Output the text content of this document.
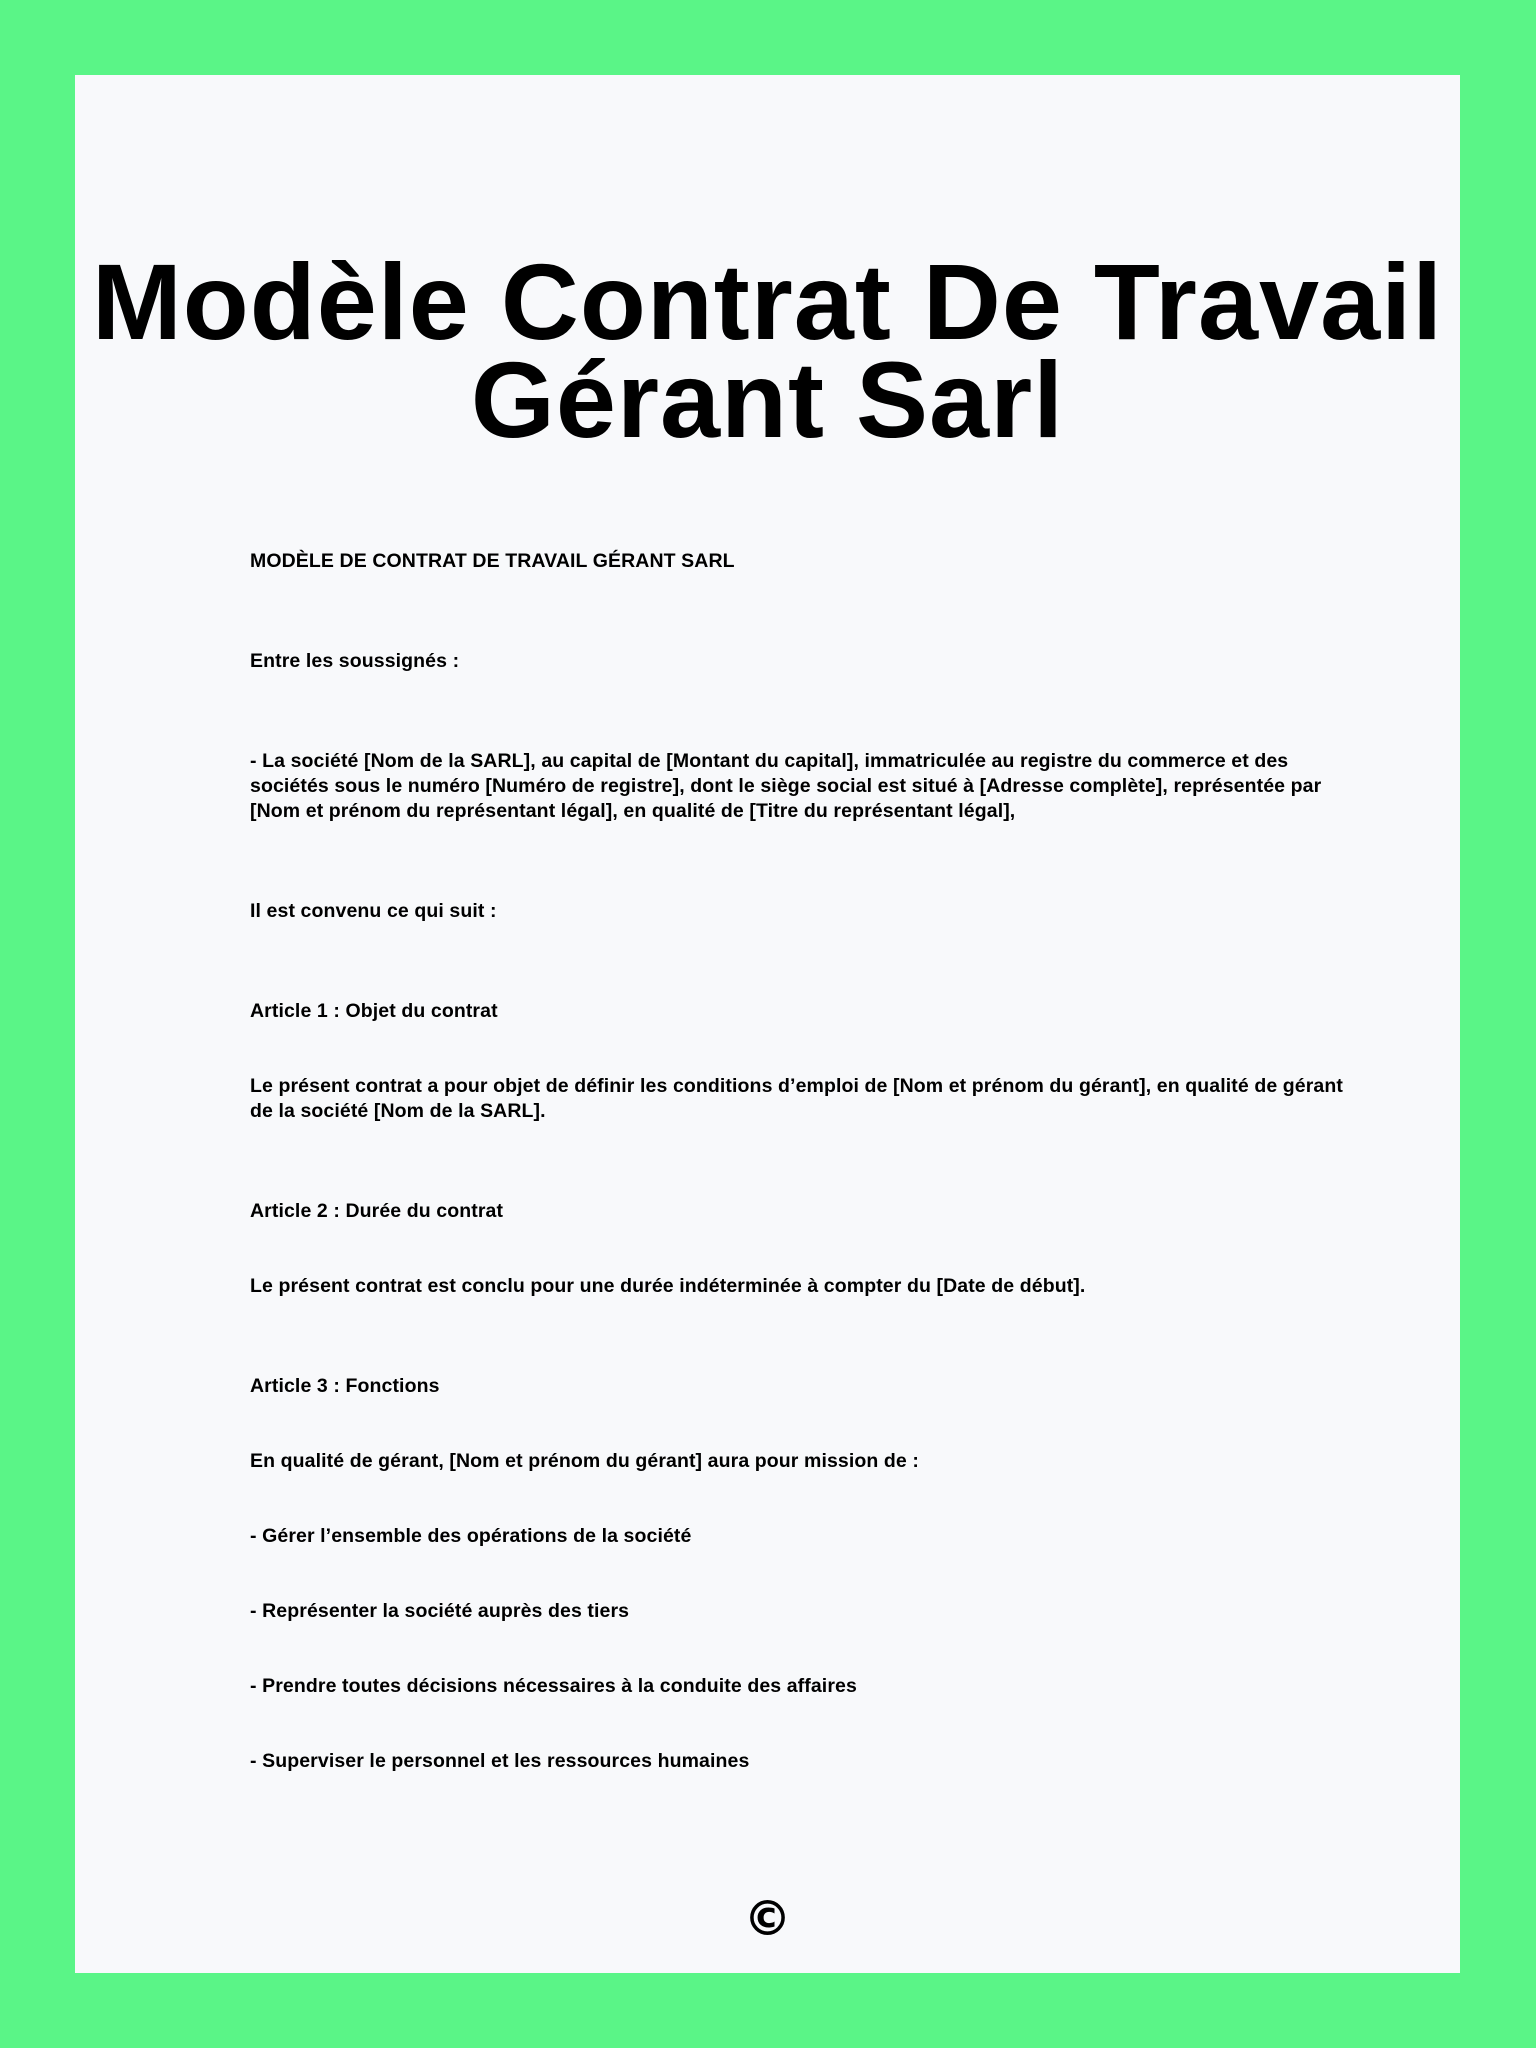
Modèle Contrat De Travail Gérant Sarl

MODÈLE DE CONTRAT DE TRAVAIL GÉRANT SARL

Entre les soussignés :

- La société [Nom de la SARL], au capital de [Montant du capital], immatriculée au registre du commerce et des sociétés sous le numéro [Numéro de registre], dont le siège social est situé à [Adresse complète], représentée par [Nom et prénom du représentant légal], en qualité de [Titre du représentant légal],

Il est convenu ce qui suit :

Article 1 : Objet du contrat

Le présent contrat a pour objet de définir les conditions d’emploi de [Nom et prénom du gérant], en qualité de gérant de la société [Nom de la SARL].

Article 2 : Durée du contrat

Le présent contrat est conclu pour une durée indéterminée à compter du [Date de début].

Article 3 : Fonctions

En qualité de gérant, [Nom et prénom du gérant] aura pour mission de :

- Gérer l’ensemble des opérations de la société

- Représenter la société auprès des tiers

- Prendre toutes décisions nécessaires à la conduite des affaires

- Superviser le personnel et les ressources humaines

©
